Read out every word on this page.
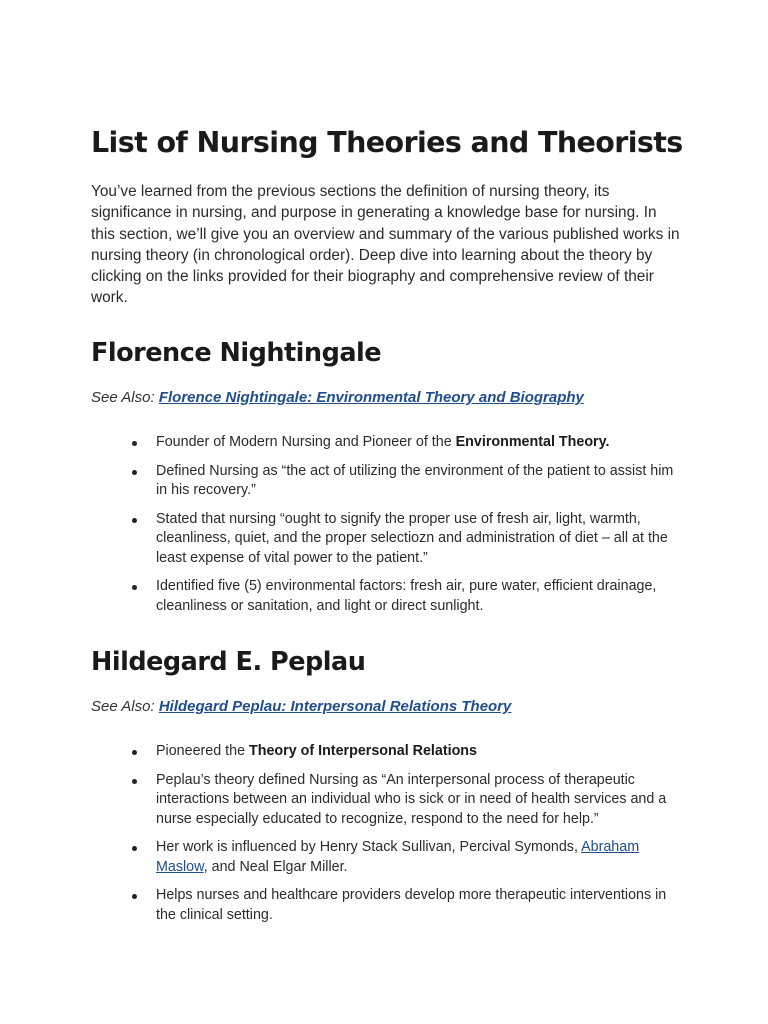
List of Nursing Theories and Theorists

You’ve learned from the previous sections the definition of nursing theory, its significance in nursing, and purpose in generating a knowledge base for nursing. In this section, we’ll give you an overview and summary of the various published works in nursing theory (in chronological order). Deep dive into learning about the theory by clicking on the links provided for their biography and comprehensive review of their work.

Florence Nightingale

See Also: Florence Nightingale: Environmental Theory and Biography

Founder of Modern Nursing and Pioneer of the Environmental Theory.
Defined Nursing as “the act of utilizing the environment of the patient to assist him in his recovery.”
Stated that nursing “ought to signify the proper use of fresh air, light, warmth, cleanliness, quiet, and the proper selectiozn and administration of diet – all at the least expense of vital power to the patient.”
Identified five (5) environmental factors: fresh air, pure water, efficient drainage, cleanliness or sanitation, and light or direct sunlight.
Hildegard E. Peplau

See Also: Hildegard Peplau: Interpersonal Relations Theory

Pioneered the Theory of Interpersonal Relations
Peplau’s theory defined Nursing as “An interpersonal process of therapeutic interactions between an individual who is sick or in need of health services and a nurse especially educated to recognize, respond to the need for help.”
Her work is influenced by Henry Stack Sullivan, Percival Symonds, Abraham Maslow, and Neal Elgar Miller.
Helps nurses and healthcare providers develop more therapeutic interventions in the clinical setting.
